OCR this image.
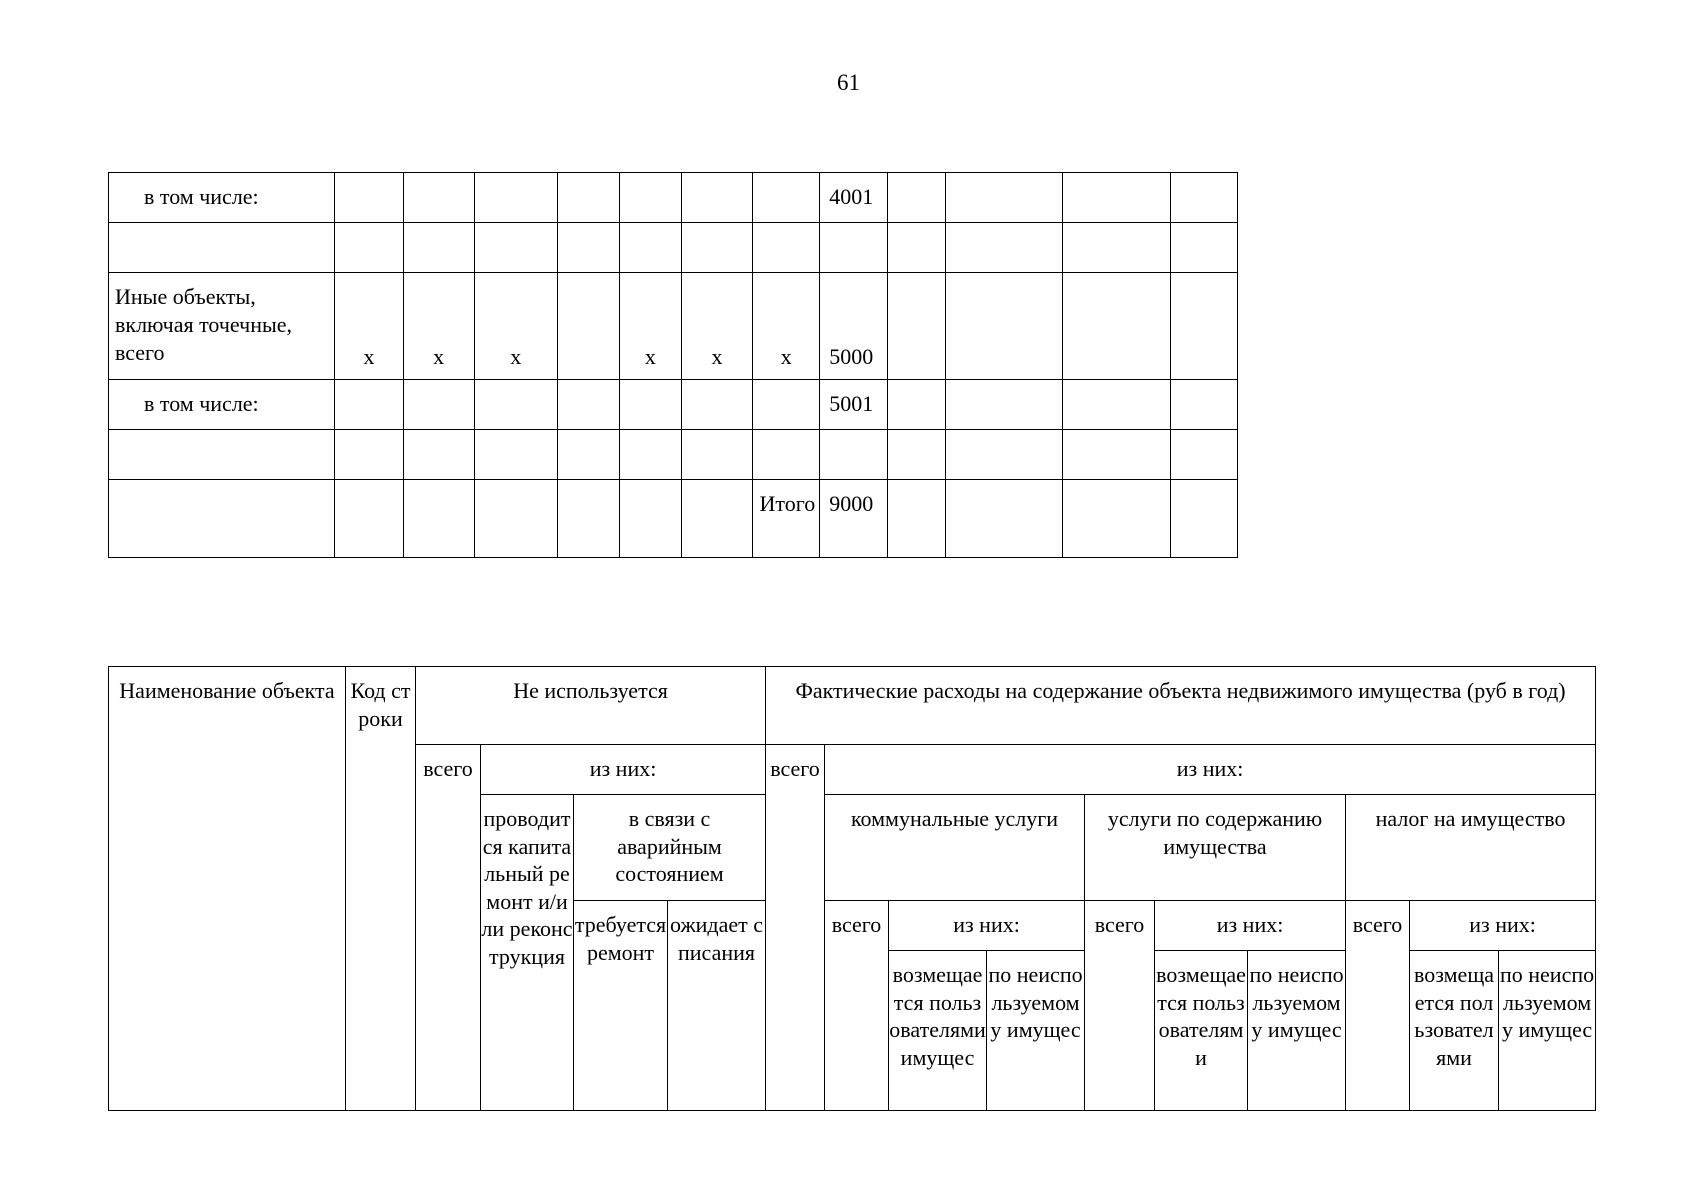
61
в том числе:								4001				

Иные объекты, включая точечные, всего	x	x	x		x	x	x	5000				
в том числе:								5001				

							Итого	9000				
Наименование объекта	Код строки	Не используется				Фактические расходы на содержание объекта недвижимого имущества (руб в год)									
		всего	из них:			всего	из них:								
			проводится капитальный ремонт и/или реконструкция	в связи с аварийным состоянием			коммунальные услуги			услуги по содержанию имущества			налог на имущество		
				требуется ремонт	ожидает списания		всего	из них:		всего	из них:		всего	из них:	
								возмещается пользователями имущес	по неиспользуемому имущес		возмещается пользователями	по неиспользуемому имущес		возмещается пользователями	по неиспользуемому имущес
